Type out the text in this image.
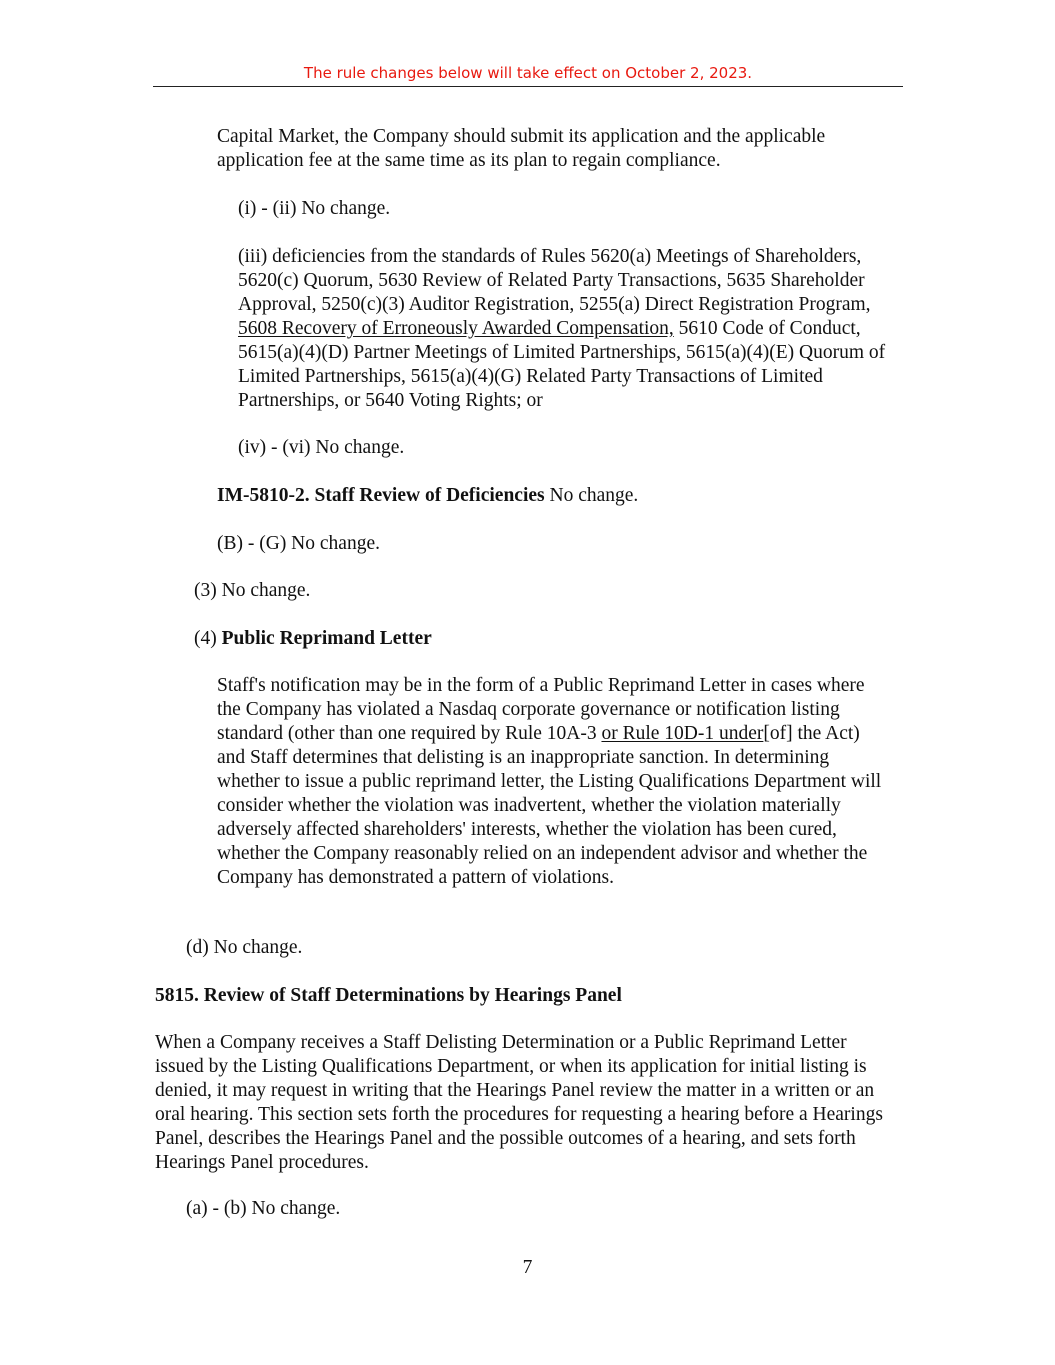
The rule changes below will take effect on October 2, 2023.

Capital Market, the Company should submit its application and the applicable application fee at the same time as its plan to regain compliance.

(i) - (ii) No change.

(iii) deficiencies from the standards of Rules 5620(a) Meetings of Shareholders, 5620(c) Quorum, 5630 Review of Related Party Transactions, 5635 Shareholder Approval, 5250(c)(3) Auditor Registration, 5255(a) Direct Registration Program, 5608 Recovery of Erroneously Awarded Compensation, 5610 Code of Conduct, 5615(a)(4)(D) Partner Meetings of Limited Partnerships, 5615(a)(4)(E) Quorum of Limited Partnerships, 5615(a)(4)(G) Related Party Transactions of Limited Partnerships, or 5640 Voting Rights; or

(iv) - (vi) No change.

IM-5810-2. Staff Review of Deficiencies No change.

(B) - (G) No change.

(3) No change.

(4) Public Reprimand Letter

Staff's notification may be in the form of a Public Reprimand Letter in cases where the Company has violated a Nasdaq corporate governance or notification listing standard (other than one required by Rule 10A-3 or Rule 10D-1 under[of] the Act) and Staff determines that delisting is an inappropriate sanction. In determining whether to issue a public reprimand letter, the Listing Qualifications Department will consider whether the violation was inadvertent, whether the violation materially adversely affected shareholders' interests, whether the violation has been cured, whether the Company reasonably relied on an independent advisor and whether the Company has demonstrated a pattern of violations.

(d) No change.

5815. Review of Staff Determinations by Hearings Panel

When a Company receives a Staff Delisting Determination or a Public Reprimand Letter issued by the Listing Qualifications Department, or when its application for initial listing is denied, it may request in writing that the Hearings Panel review the matter in a written or an oral hearing. This section sets forth the procedures for requesting a hearing before a Hearings Panel, describes the Hearings Panel and the possible outcomes of a hearing, and sets forth Hearings Panel procedures.

(a) - (b) No change.

7
